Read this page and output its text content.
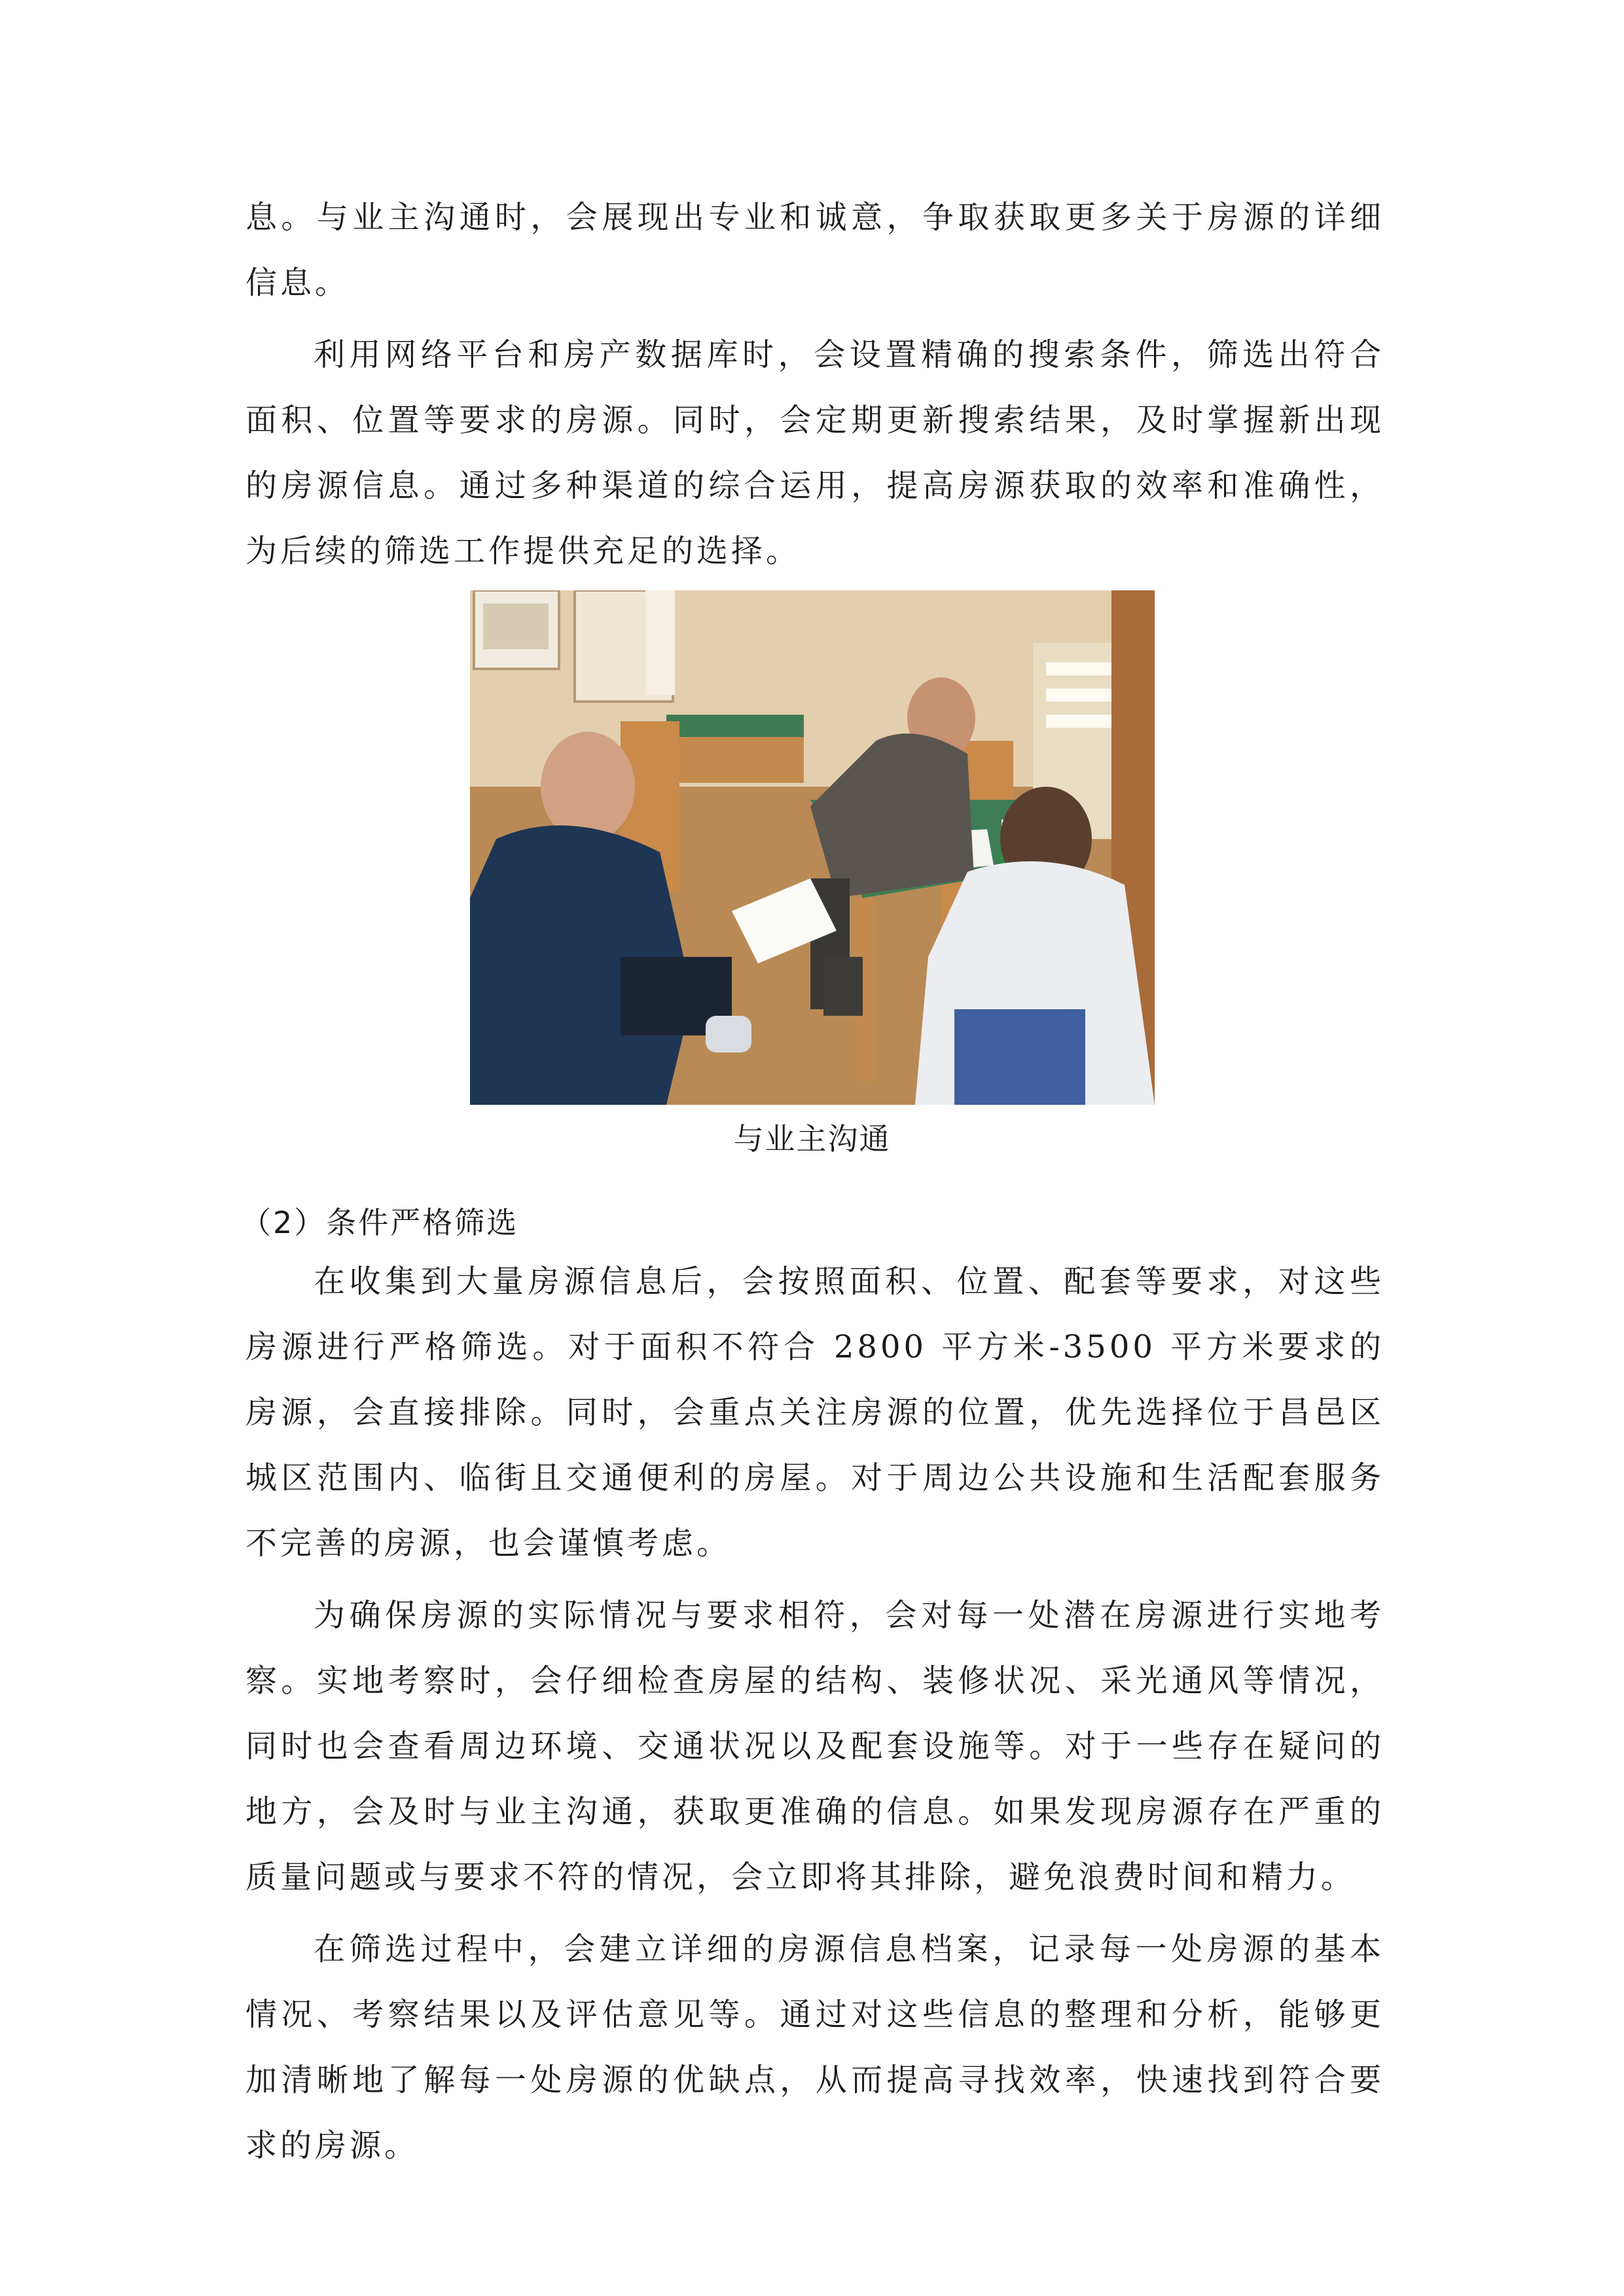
息。与业主沟通时，会展现出专业和诚意，争取获取更多关于房源的详细信息。

利用网络平台和房产数据库时，会设置精确的搜索条件，筛选出符合面积、位置等要求的房源。同时，会定期更新搜索结果，及时掌握新出现的房源信息。通过多种渠道的综合运用，提高房源获取的效率和准确性，为后续的筛选工作提供充足的选择。

与业主沟通

（2）条件严格筛选

在收集到大量房源信息后，会按照面积、位置、配套等要求，对这些房源进行严格筛选。对于面积不符合 2800 平方米-3500 平方米要求的房源，会直接排除。同时，会重点关注房源的位置，优先选择位于昌邑区城区范围内、临街且交通便利的房屋。对于周边公共设施和生活配套服务不完善的房源，也会谨慎考虑。

为确保房源的实际情况与要求相符，会对每一处潜在房源进行实地考察。实地考察时，会仔细检查房屋的结构、装修状况、采光通风等情况，同时也会查看周边环境、交通状况以及配套设施等。对于一些存在疑问的地方，会及时与业主沟通，获取更准确的信息。如果发现房源存在严重的质量问题或与要求不符的情况，会立即将其排除，避免浪费时间和精力。

在筛选过程中，会建立详细的房源信息档案，记录每一处房源的基本情况、考察结果以及评估意见等。通过对这些信息的整理和分析，能够更加清晰地了解每一处房源的优缺点，从而提高寻找效率，快速找到符合要求的房源。
